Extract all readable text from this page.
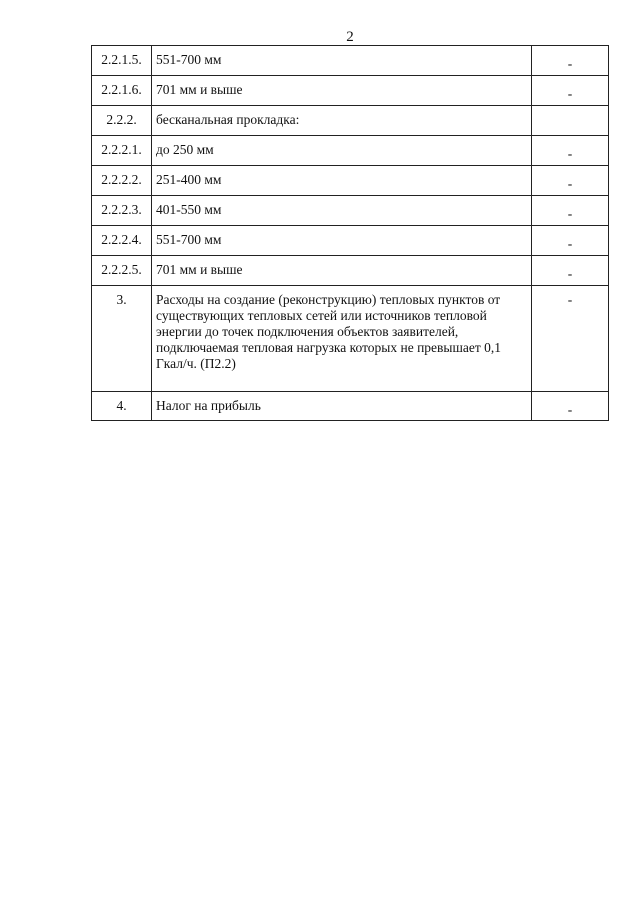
2
2.2.1.5.	551-700 мм	-
2.2.1.6.	701 мм и выше	-
2.2.2.	бесканальная прокладка:	
2.2.2.1.	до 250 мм	-
2.2.2.2.	251-400 мм	-
2.2.2.3.	401-550 мм	-
2.2.2.4.	551-700 мм	-
2.2.2.5.	701 мм и выше	-
3.	Расходы на создание (реконструкцию) тепловых пунктов от существующих тепловых сетей или источников тепловой энергии до точек подключения объектов заявителей, подключаемая тепловая нагрузка которых не превышает 0,1 Гкал/ч. (П2.2)	-
4.	Налог на прибыль	-
